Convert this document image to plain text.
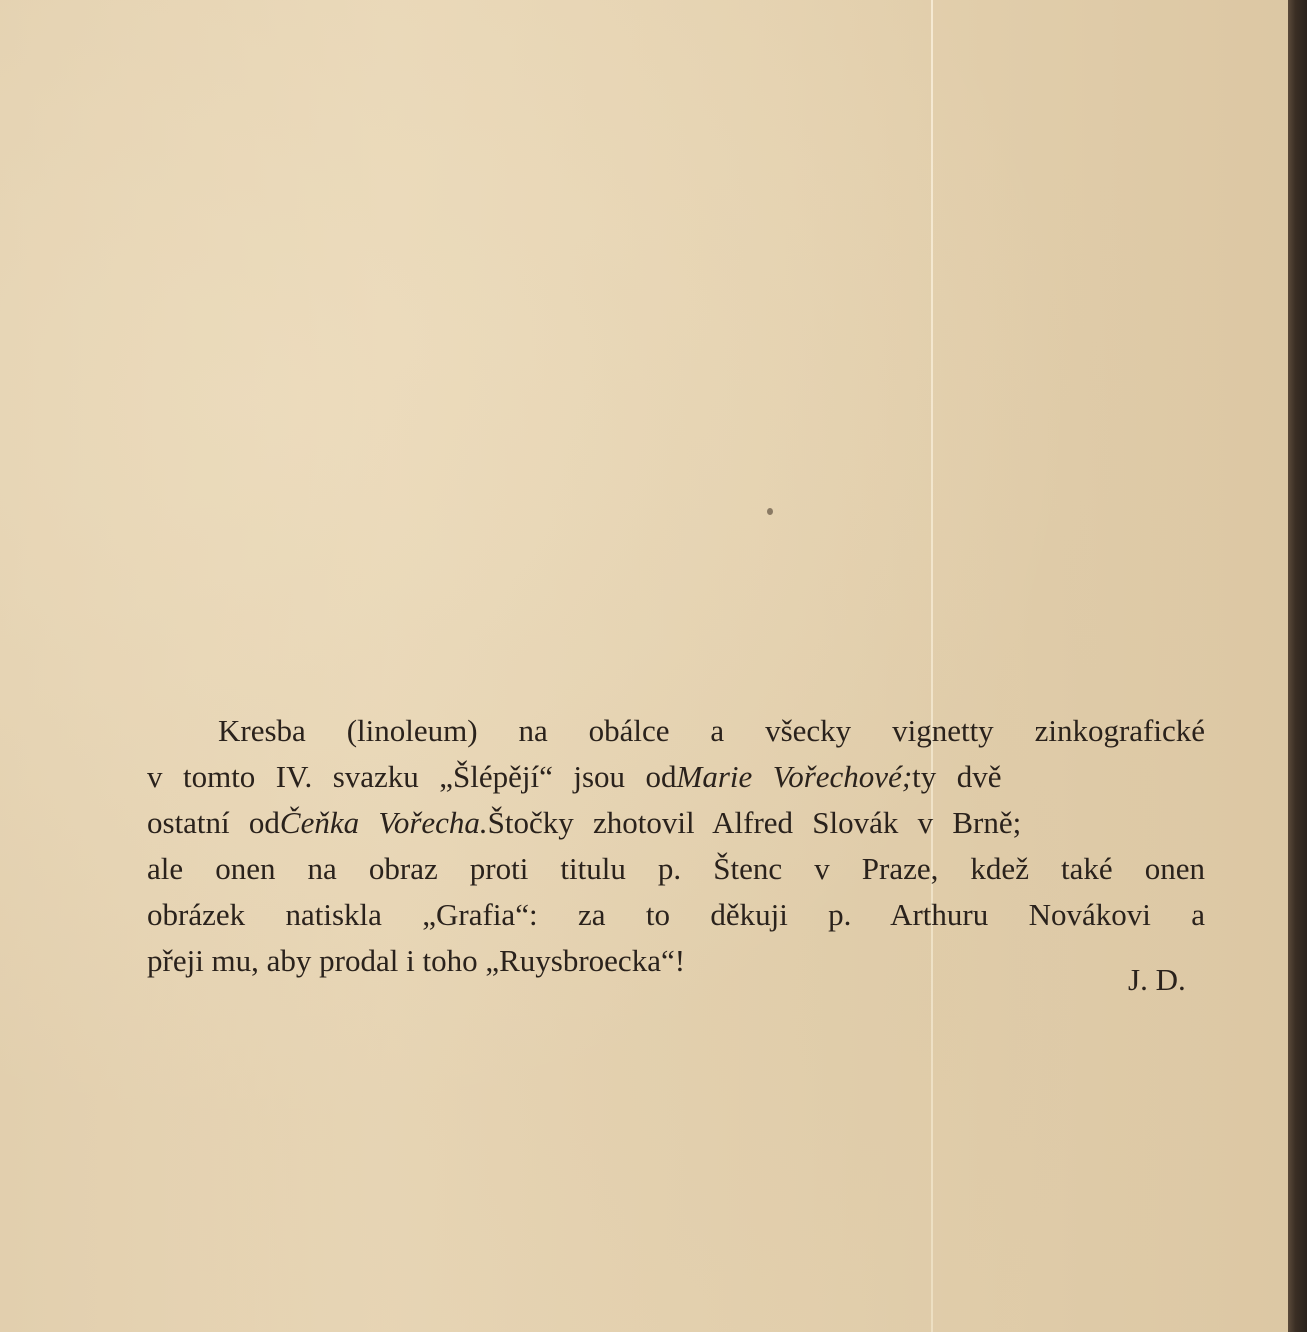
Kresba (linoleum) na obálce a všecky vignetty zinkografické
v tomto IV. svazku „Šlépějí“ jsou odMarie Vořechové;ty dvě
ostatní odČeňka Vořecha.Štočky zhotovil Alfred Slovák v Brně;
ale onen na obraz proti titulu p. Štenc v Praze, kdež také onen
obrázek natiskla „Grafia“: za to děkuji p. Arthuru Novákovi a
přeji mu, aby prodal i toho „Ruysbroecka“!
J. D.
